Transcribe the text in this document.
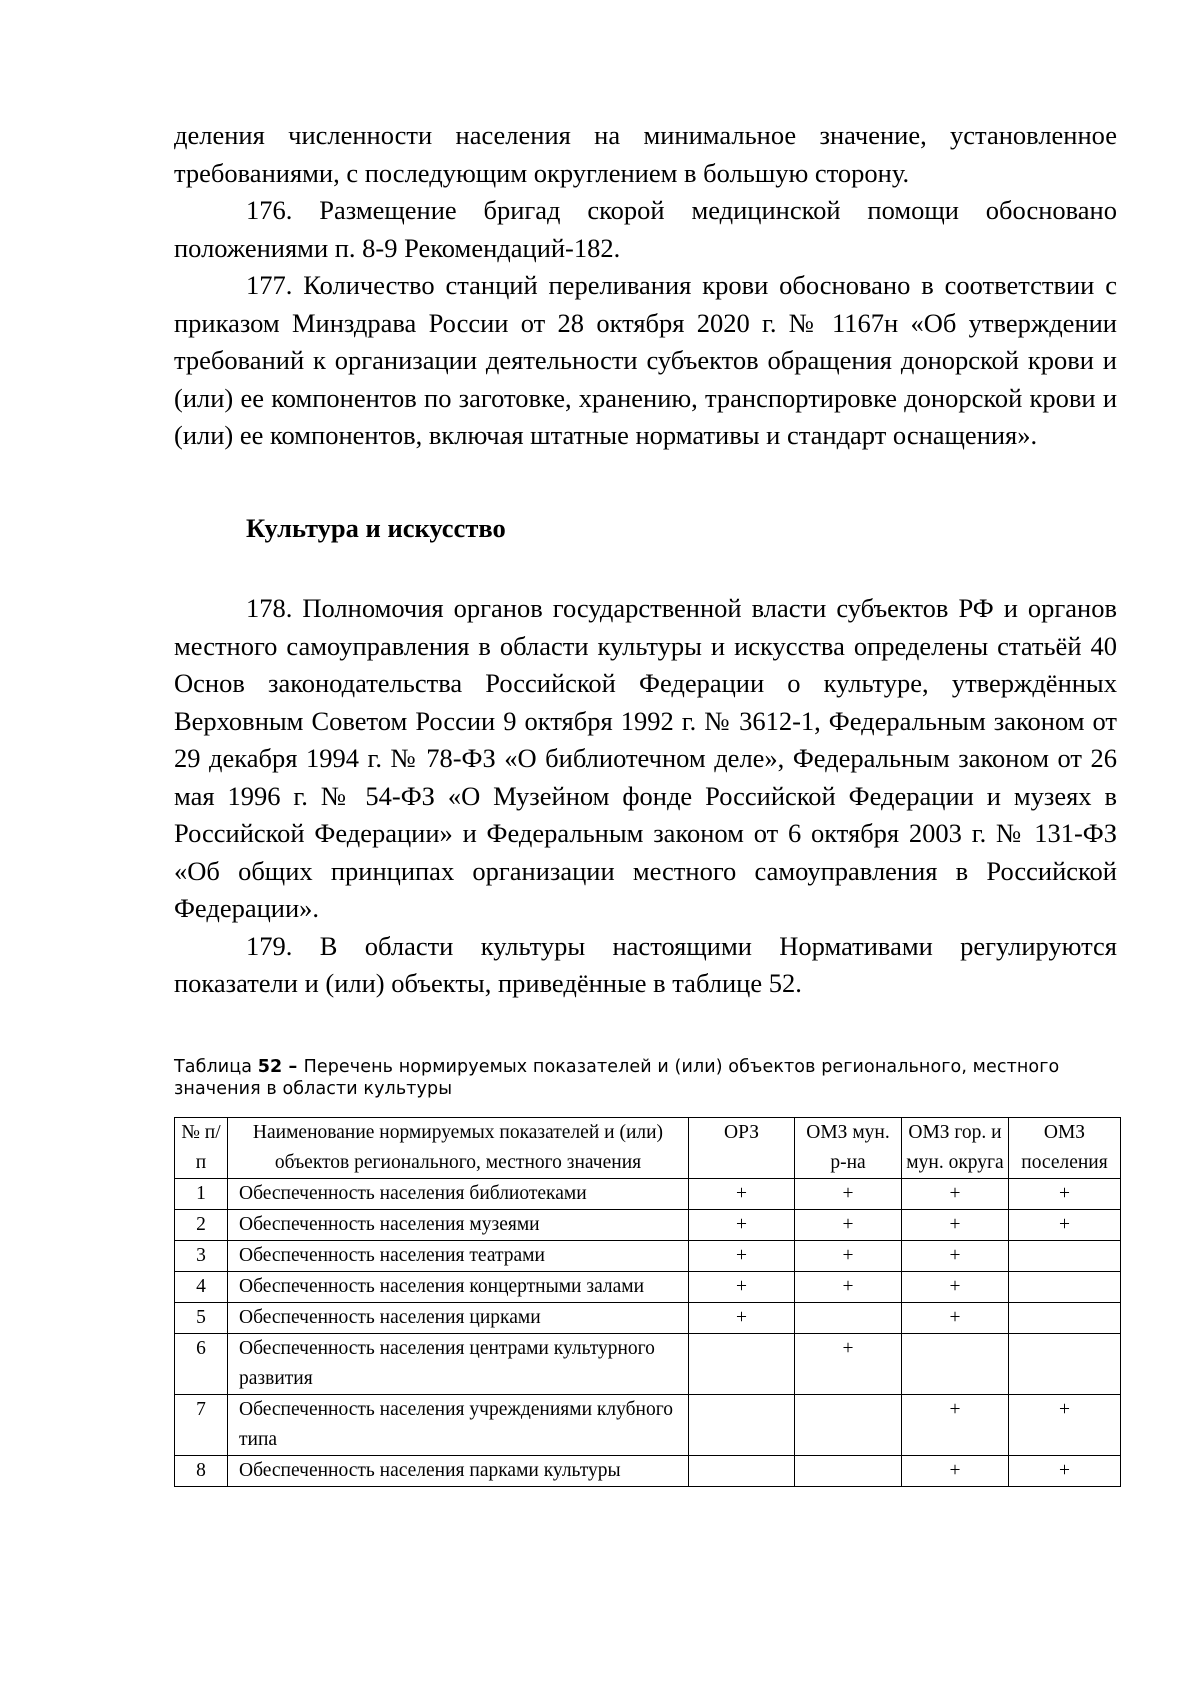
деления численности населения на минимальное значение, установленное требованиями, с последующим округлением в большую сторону.

176. Размещение бригад скорой медицинской помощи обосновано положениями п. 8-9 Рекомендаций-182.

177. Количество станций переливания крови обосновано в соответствии с приказом Минздрава России от 28 октября 2020 г. № 1167н «Об утверждении требований к организации деятельности субъектов обращения донорской крови и (или) ее компонентов по заготовке, хранению, транспортировке донорской крови и (или) ее компонентов, включая штатные нормативы и стандарт оснащения».

Культура и искусство

178. Полномочия органов государственной власти субъектов РФ и органов местного самоуправления в области культуры и искусства определены статьёй 40 Основ законодательства Российской Федерации о культуре, утверждённых Верховным Советом России 9 октября 1992 г. № 3612-1, Федеральным законом от 29 декабря 1994 г. № 78-ФЗ «О библиотечном деле», Федеральным законом от 26 мая 1996 г. № 54-ФЗ «О Музейном фонде Российской Федерации и музеях в Российской Федерации» и Федеральным законом от 6 октября 2003 г. № 131-ФЗ «Об общих принципах организации местного самоуправления в Российской Федерации».

179. В области культуры настоящими Нормативами регулируются показатели и (или) объекты, приведённые в таблице 52.

Таблица 52 – Перечень нормируемых показателей и (или) объектов регионального, местного значения в области культуры
№ п/п	Наименование нормируемых показателей и (или) объектов регионального, местного значения	ОРЗ	ОМЗ мун. р-на	ОМЗ гор. и мун. округа	ОМЗ поселения
1	Обеспеченность населения библиотеками	+	+	+	+
2	Обеспеченность населения музеями	+	+	+	+
3	Обеспеченность населения театрами	+	+	+	
4	Обеспеченность населения концертными залами	+	+	+	
5	Обеспеченность населения цирками	+		+	
6	Обеспеченность населения центрами культурного развития		+		
7	Обеспеченность населения учреждениями клубного типа			+	+
8	Обеспеченность населения парками культуры			+	+
